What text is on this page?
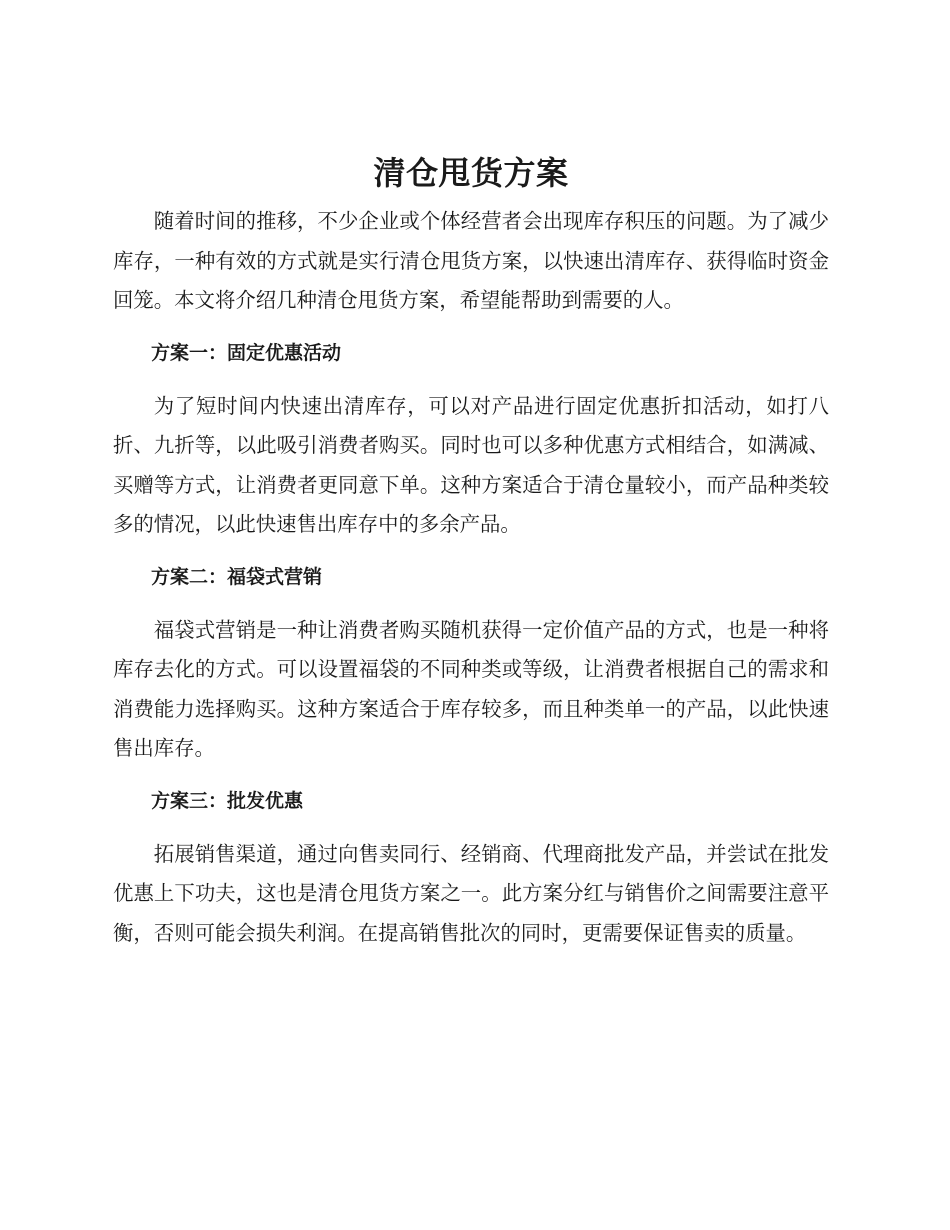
清仓甩货方案

随着时间的推移，不少企业或个体经营者会出现库存积压的问题。为了减少库存，一种有效的方式就是实行清仓甩货方案，以快速出清库存、获得临时资金回笼。本文将介绍几种清仓甩货方案，希望能帮助到需要的人。

方案一：固定优惠活动

为了短时间内快速出清库存，可以对产品进行固定优惠折扣活动，如打八折、九折等，以此吸引消费者购买。同时也可以多种优惠方式相结合，如满减、买赠等方式，让消费者更同意下单。这种方案适合于清仓量较小，而产品种类较多的情况，以此快速售出库存中的多余产品。

方案二：福袋式营销

福袋式营销是一种让消费者购买随机获得一定价值产品的方式，也是一种将库存去化的方式。可以设置福袋的不同种类或等级，让消费者根据自己的需求和消费能力选择购买。这种方案适合于库存较多，而且种类单一的产品，以此快速售出库存。

方案三：批发优惠

拓展销售渠道，通过向售卖同行、经销商、代理商批发产品，并尝试在批发优惠上下功夫，这也是清仓甩货方案之一。此方案分红与销售价之间需要注意平衡，否则可能会损失利润。在提高销售批次的同时，更需要保证售卖的质量。
